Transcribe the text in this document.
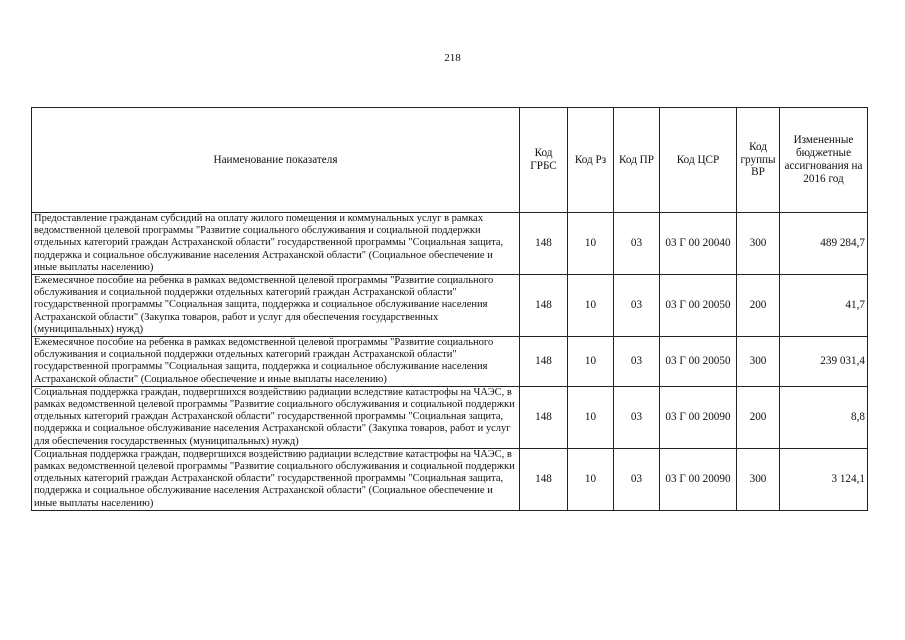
218
Наименование показателя	Код ГРБС	Код Рз	Код ПР	Код ЦСР	Код группы ВР	Измененные бюджетные ассигнования на 2016 год
Предоставление гражданам субсидий на оплату жилого помещения и коммунальных услуг в рамках ведомственной целевой программы "Развитие социального обслуживания и социальной поддержки отдельных категорий граждан Астраханской области" государственной программы "Социальная защита, поддержка и социальное обслуживание населения Астраханской области" (Социальное обеспечение и иные выплаты населению)	148	10	03	03 Г 00 20040	300	489 284,7
Ежемесячное пособие на ребенка в рамках ведомственной целевой программы "Развитие социального обслуживания и социальной поддержки отдельных категорий граждан Астраханской области" государственной программы "Социальная защита, поддержка и социальное обслуживание населения Астраханской области" (Закупка товаров, работ и услуг для обеспечения государственных (муниципальных) нужд)	148	10	03	03 Г 00 20050	200	41,7
Ежемесячное пособие на ребенка в рамках ведомственной целевой программы "Развитие социального обслуживания и социальной поддержки отдельных категорий граждан Астраханской области" государственной программы "Социальная защита, поддержка и социальное обслуживание населения Астраханской области" (Социальное обеспечение и иные выплаты населению)	148	10	03	03 Г 00 20050	300	239 031,4
Социальная поддержка граждан, подвергшихся воздействию радиации вследствие катастрофы на ЧАЭС, в рамках ведомственной целевой программы "Развитие социального обслуживания и социальной поддержки отдельных категорий граждан Астраханской области" государственной программы "Социальная защита, поддержка и социальное обслуживание населения Астраханской области" (Закупка товаров, работ и услуг для обеспечения государственных (муниципальных) нужд)	148	10	03	03 Г 00 20090	200	8,8
Социальная поддержка граждан, подвергшихся воздействию радиации вследствие катастрофы на ЧАЭС, в рамках ведомственной целевой программы "Развитие социального обслуживания и социальной поддержки отдельных категорий граждан Астраханской области" государственной программы "Социальная защита, поддержка и социальное обслуживание населения Астраханской области" (Социальное обеспечение и иные выплаты населению)	148	10	03	03 Г 00 20090	300	3 124,1
